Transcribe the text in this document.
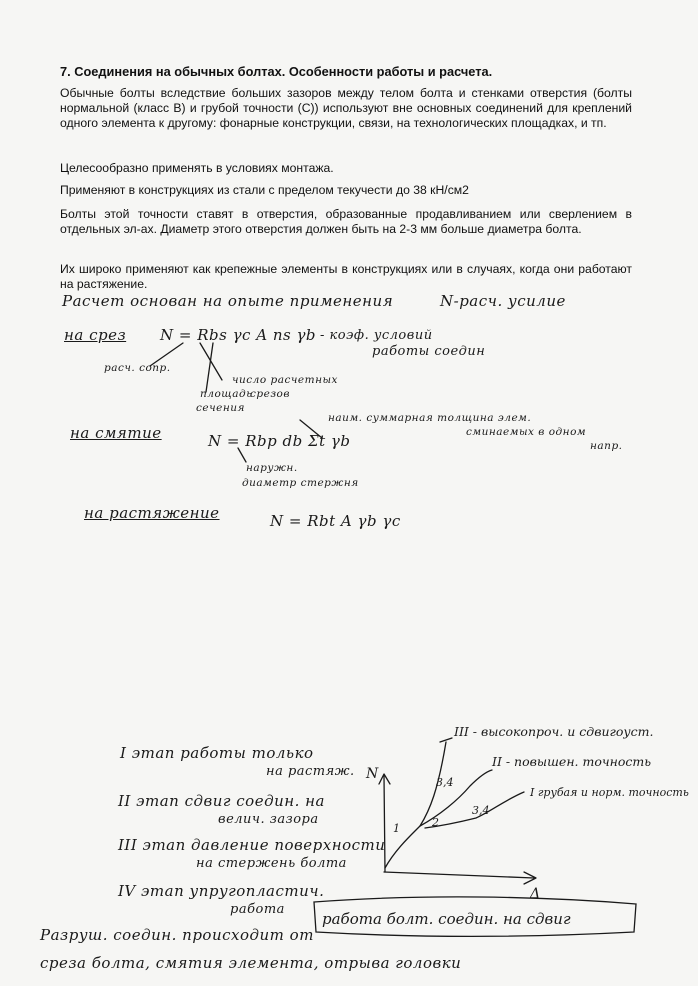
7. Соединения на обычных болтах. Особенности работы и расчета.
Обычные болты вследствие больших зазоров между телом болта и стенками отверстия (болты нормальной (класс В) и грубой точности (С)) используют вне основных соединений для креплений одного элемента к другому: фонарные конструкции, связи, на технологических площадках, и тп.
Целесообразно применять в условиях монтажа.
Применяют в конструкциях из стали с пределом текучести до 38 кН/см2
Болты этой точности ставят в отверстия, образованные продавливанием или сверлением в отдельных эл-ах. Диаметр этого отверстия должен быть на 2-3 мм больше диаметра болта.
Их широко применяют как крепежные элементы в конструкциях или в случаях, когда они работают на растяжение.
Расчет основан на опыте применения	N-расч. усилие
на срез N = Rbs γc A ns γb - коэф. условий
работы соедин
расч. сопр.
число расчетных
срезов
площадь
сечения
на смятие	N = Rbp db Σt γb
наим. суммарная толщина элем.
сминаемых в одном
напр.
наружн.
диаметр стержня
на растяжение	N = Rbt A γb γc
I этап работы только
на растяж.
II этап сдвиг соедин. на
велич. зазорa
III этап давление поверхности
на стержень болта
IV этап упругопластич.
работа
Разруш. соедин. происходит от
среза болта, смятия элемента, отрыва головки
III - высокопроч. и сдвигоуст.
II - повышен. точность
I грубая и норм. точность
N
Δ
1	2
3,4
3,4
работа болт. соедин. на сдвиг
